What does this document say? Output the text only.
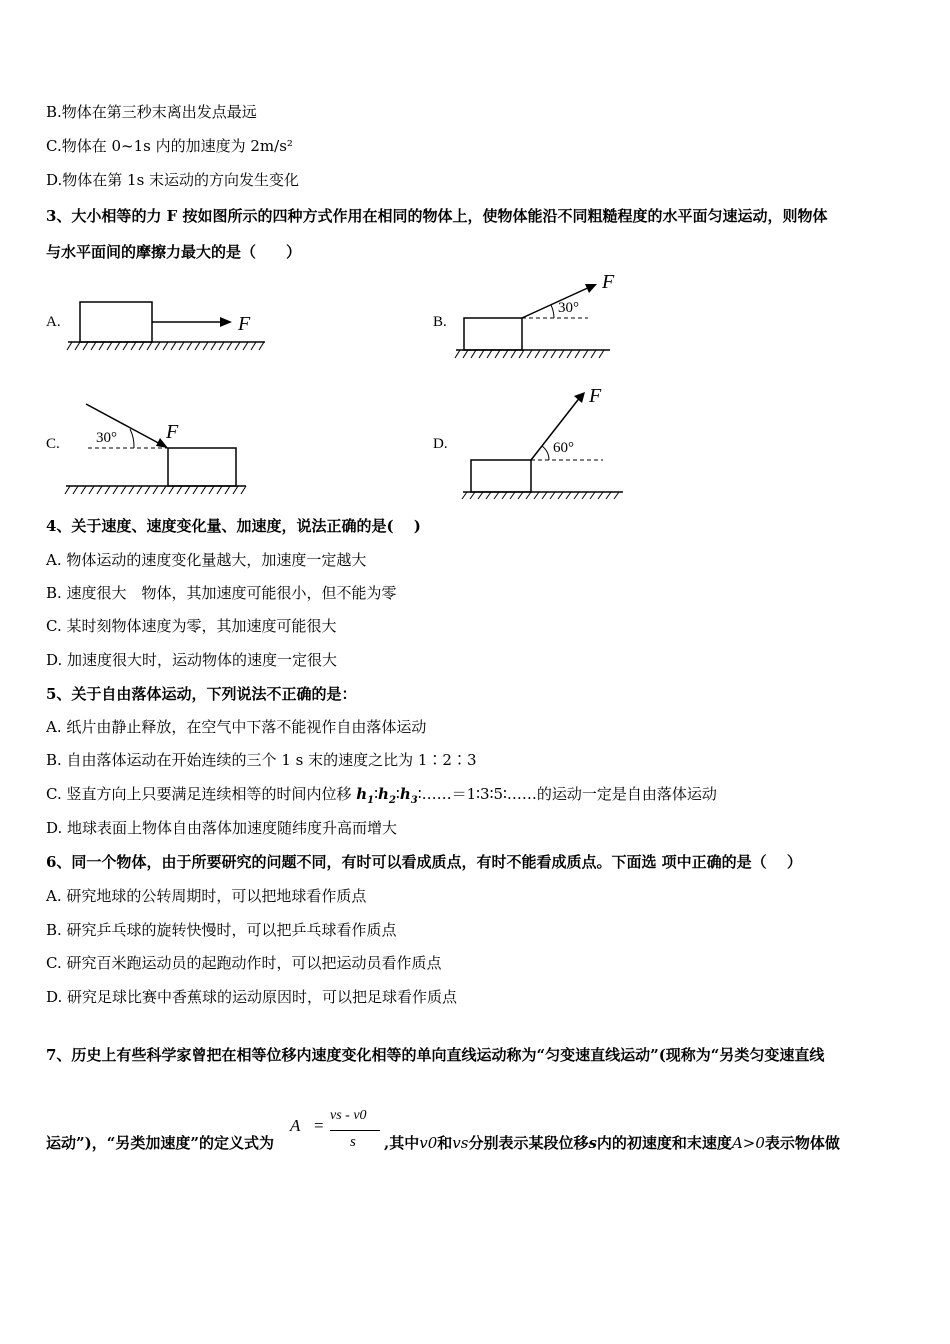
B.物体在第三秒末离出发点最远
C.物体在 0~1s 内的加速度为 2m/s²
D.物体在第 1s 末运动的方向发生变化
3、大小相等的力 F 按如图所示的四种方式作用在相同的物体上，使物体能沿不同粗糙程度的水平面匀速运动，则物体
与水平面间的摩擦力最大的是（　　）
A.	F	B.
30°
F
C. 30° F
D.	60°
F
4、关于速度、速度变化量、加速度，说法正确的是(　 )
A. 物体运动的速度变化量越大，加速度一定越大
B. 速度很大　物体，其加速度可能很小，但不能为零
C. 某时刻物体速度为零，其加速度可能很大
D. 加速度很大时，运动物体的速度一定很大
5、关于自由落体运动，下列说法不正确的是：
A. 纸片由静止释放，在空气中下落不能视作自由落体运动
B. 自由落体运动在开始连续的三个 1 s 末的速度之比为 1∶2∶3
C. 竖直方向上只要满足连续相等的时间内位移 $h_1∶h_2∶h_3∶\dots\dots=1∶3∶5∶\dots\dots$的运动一定是自由落体运动
D. 地球表面上物体自由落体加速度随纬度升高而增大
6、同一个物体，由于所要研究的问题不同，有时可以看成质点，有时不能看成质点。下面选 项中正确的是（　 ）
A. 研究地球的公转周期时，可以把地球看作质点
B. 研究乒乓球的旋转快慢时，可以把乒乓球看作质点
C. 研究百米跑运动员的起跑动作时，可以把运动员看作质点
D. 研究足球比赛中香蕉球的运动原因时，可以把足球看作质点
7、历史上有些科学家曾把在相等位移内速度变化相等的单向直线运动称为“匀变速直线运动”(现称为“另类匀变速直线
运动”)，“另类加速度”的定义式为
A =
vs - v0
s ,其中v0和vs分别表示某段位移s内的初速度和末速度A>0表示物体做
